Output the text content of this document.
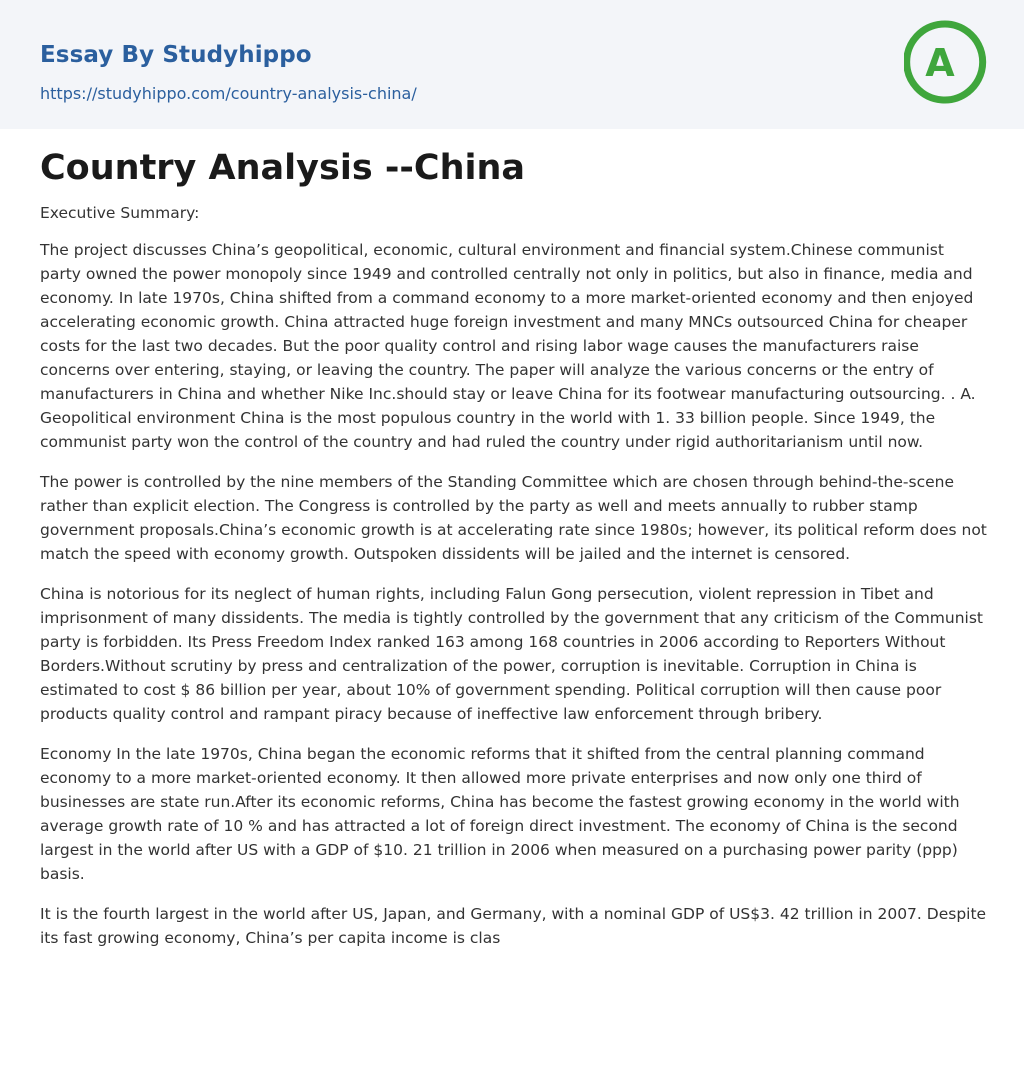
Essay By Studyhippo
https://studyhippo.com/country-analysis-china/
A
Country Analysis --China

Executive Summary:

The project discusses China’s geopolitical, economic, cultural environment and financial system.Chinese communist party owned the power monopoly since 1949 and controlled centrally not only in politics, but also in finance, media and economy. In late 1970s, China shifted from a command economy to a more market-oriented economy and then enjoyed accelerating economic growth. China attracted huge foreign investment and many MNCs outsourced China for cheaper costs for the last two decades. But the poor quality control and rising labor wage causes the manufacturers raise concerns over entering, staying, or leaving the country. The paper will analyze the various concerns or the entry of manufacturers in China and whether Nike Inc.should stay or leave China for its footwear manufacturing outsourcing. . A. Geopolitical environment China is the most populous country in the world with 1. 33 billion people. Since 1949, the communist party won the control of the country and had ruled the country under rigid authoritarianism until now.

The power is controlled by the nine members of the Standing Committee which are chosen through behind-the-scene rather than explicit election. The Congress is controlled by the party as well and meets annually to rubber stamp government proposals.China’s economic growth is at accelerating rate since 1980s; however, its political reform does not match the speed with economy growth. Outspoken dissidents will be jailed and the internet is censored.

China is notorious for its neglect of human rights, including Falun Gong persecution, violent repression in Tibet and imprisonment of many dissidents. The media is tightly controlled by the government that any criticism of the Communist party is forbidden. Its Press Freedom Index ranked 163 among 168 countries in 2006 according to Reporters Without Borders.Without scrutiny by press and centralization of the power, corruption is inevitable. Corruption in China is estimated to cost $ 86 billion per year, about 10% of government spending. Political corruption will then cause poor products quality control and rampant piracy because of ineffective law enforcement through bribery.

Economy In the late 1970s, China began the economic reforms that it shifted from the central planning command economy to a more market-oriented economy. It then allowed more private enterprises and now only one third of businesses are state run.After its economic reforms, China has become the fastest growing economy in the world with average growth rate of 10 % and has attracted a lot of foreign direct investment. The economy of China is the second largest in the world after US with a GDP of $10. 21 trillion in 2006 when measured on a purchasing power parity (ppp) basis.

It is the fourth largest in the world after US, Japan, and Germany, with a nominal GDP of US$3. 42 trillion in 2007. Despite its fast growing economy, China’s per capita income is clas
